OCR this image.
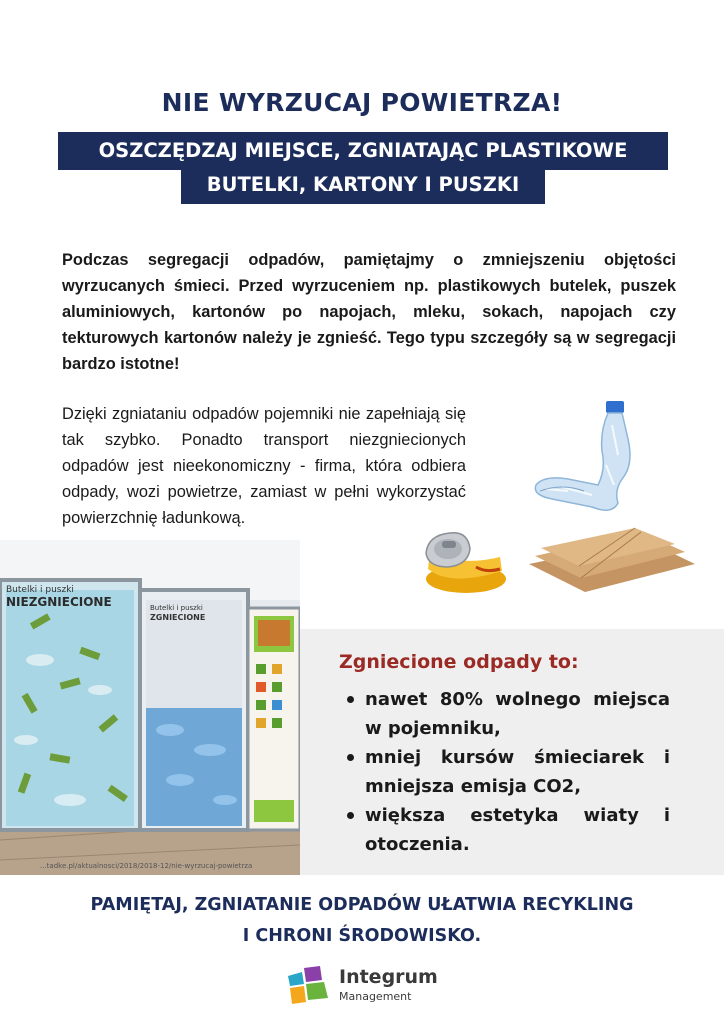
NIE WYRZUCAJ POWIETRZA!
OSZCZĘDZAJ MIEJSCE, ZGNIATAJĄC PLASTIKOWE
BUTELKI, KARTONY I PUSZKI

Podczas segregacji odpadów, pamiętajmy o zmniejszeniu objętości wyrzucanych śmieci. Przed wyrzuceniem np. plastikowych butelek, puszek aluminiowych, kartonów po napojach, mleku, sokach, napojach czy tekturowych kartonów należy je zgnieść. Tego typu szczegóły są w segregacji bardzo istotne!

Dzięki zgniataniu odpadów pojemniki nie zapełniają się tak szybko. Ponadto transport niezgniecionych odpadów jest nieekonomiczny - firma, która odbiera odpady, wozi powietrze, zamiast w pełni wykorzystać powierzchnię ładunkową.

Butelki i puszki
NIEZGNIECIONE	Butelki i puszki
ZGNIECIONE
...tadke.pl/aktualnosci/2018/2018-12/nie-wyrzucaj-powietrza
Zgniecione odpady to:
nawet 80% wolnego miejsca w pojemniku,
mniej kursów śmieciarek i mniejsza emisja CO2,
większa estetyka wiaty i otoczenia.
PAMIĘTAJ, ZGNIATANIE ODPADÓW UŁATWIA RECYKLING
I CHRONI ŚRODOWISKO.
Integrum
Management
